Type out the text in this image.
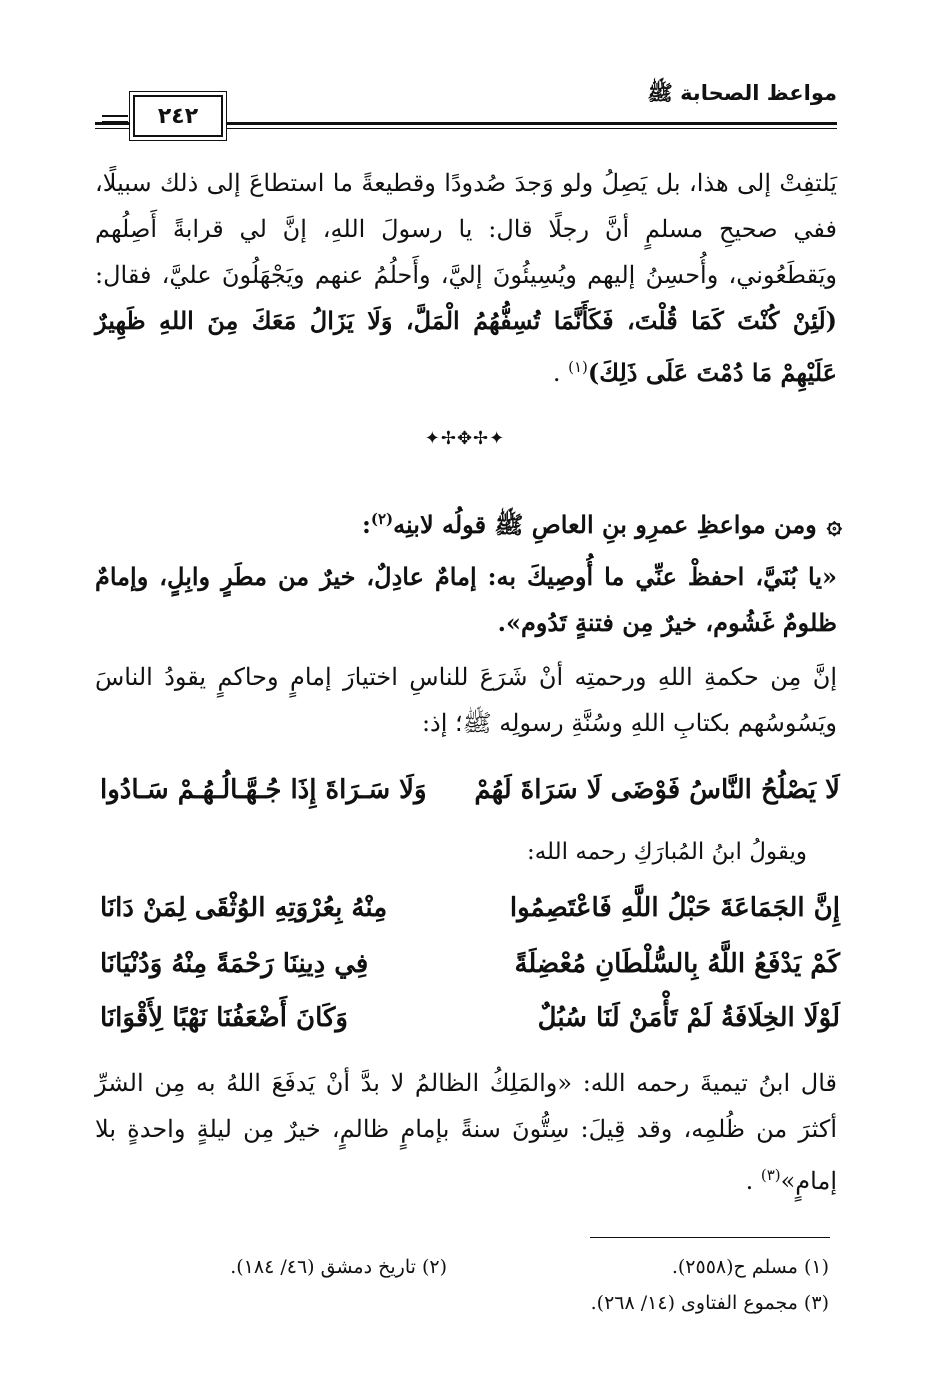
مواعظ الصحابة ﷺ
٢٤٢
يَلتفِتْ إلى هذا، بل يَصِلُ ولو وَجدَ صُدودًا وقطيعةً ما استطاعَ إلى ذلك سبيلًا، ففي صحيحِ مسلمٍ أنَّ رجلًا قال: يا رسولَ اللهِ، إنَّ لي قرابةً أَصِلُهم ويَقطَعُوني، وأُحسِنُ إليهم ويُسِيئُونَ إليَّ، وأَحلُمُ عنهم ويَجْهَلُونَ عليَّ، فقال: (لَئِنْ كُنْتَ كَمَا قُلْتَ، فَكَأَنَّمَا تُسِفُّهُمُ الْمَلَّ، وَلَا يَزَالُ مَعَكَ مِنَ اللهِ ظَهِيرٌ عَلَيْهِمْ مَا دُمْتَ عَلَى ذَلِكَ)$^{(١)}$ .
✦✢✥✢✦
۞ومن مواعظِ عمرِو بنِ العاصِ ﷺ قولُه لابنِه$^{(٢)}$:
«يا بُنَيَّ، احفظْ عنِّي ما أُوصِيكَ به: إمامٌ عادِلٌ، خيرٌ من مطَرٍ وابِلٍ، وإمامٌ ظلومٌ غَشُوم، خيرٌ مِن فتنةٍ تَدُوم».
إنَّ مِن حكمةِ اللهِ ورحمتِه أنْ شَرَعَ للناسِ اختيارَ إمامٍ وحاكمٍ يقودُ الناسَ ويَسُوسُهم بكتابِ اللهِ وسُنَّةِ رسولِه ﷺ؛ إذ:
لَا يَصْلُحُ النَّاسُ فَوْضَى لَا سَرَاةَ لَهُمْ
وَلَا سَـرَاةَ إِذَا جُـهَّـالُـهُـمْ سَـادُوا
ويقولُ ابنُ المُبارَكِ رحمه الله:
إِنَّ الجَمَاعَةَ حَبْلُ اللَّهِ فَاعْتَصِمُوا
مِنْهُ بِعُرْوَتِهِ الوُثْقَى لِمَنْ دَانَا
كَمْ يَدْفَعُ اللَّهُ بِالسُّلْطَانِ مُعْضِلَةً
فِي دِينِنَا رَحْمَةً مِنْهُ وَدُنْيَانَا
لَوْلَا الخِلَافَةُ لَمْ تَأْمَنْ لَنَا سُبُلٌ
وَكَانَ أَضْعَفُنَا نَهْبًا لِأَقْوَانَا
قال ابنُ تيميةَ رحمه الله: «والمَلِكُ الظالمُ لا بدَّ أنْ يَدفَعَ اللهُ به مِن الشرِّ أكثرَ من ظُلمِه، وقد قِيلَ: سِتُّونَ سنةً بإمامٍ ظالمٍ، خيرٌ مِن ليلةٍ واحدةٍ بلا إمامٍ»$^{(٣)}$ .
(١) مسلم ح(٢٥٥٨).
(٢) تاريخ دمشق (٤٦/ ١٨٤).
(٣) مجموع الفتاوى (١٤/ ٢٦٨).
